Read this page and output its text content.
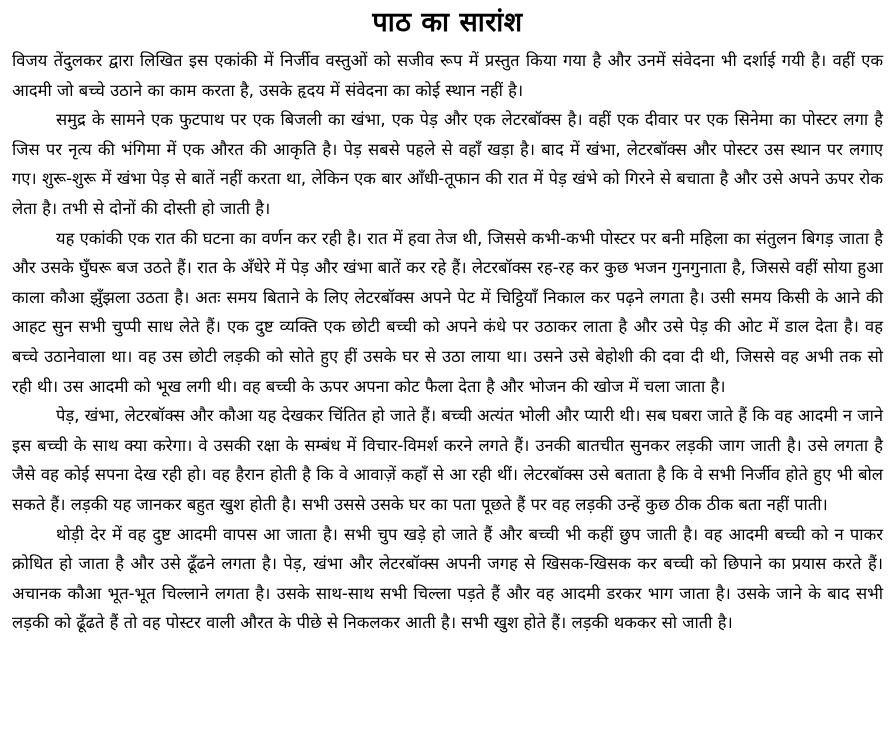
पाठ का सारांश

विजय तेंदुलकर द्वारा लिखित इस एकांकी में निर्जीव वस्तुओं को सजीव रूप में प्रस्तुत किया गया है और उनमें संवेदना भी दर्शाई गयी है। वहीं एक आदमी जो बच्चे उठाने का काम करता है, उसके हृदय में संवेदना का कोई स्थान नहीं है।

समुद्र के सामने एक फुटपाथ पर एक बिजली का खंभा, एक पेड़ और एक लेटरबॉक्स है। वहीं एक दीवार पर एक सिनेमा का पोस्टर लगा है जिस पर नृत्य की भंगिमा में एक औरत की आकृति है। पेड़ सबसे पहले से वहाँ खड़ा है। बाद में खंभा, लेटरबॉक्स और पोस्टर उस स्थान पर लगाए गए। शुरू-शुरू में खंभा पेड़ से बातें नहीं करता था, लेकिन एक बार आँधी-तूफान की रात में पेड़ खंभे को गिरने से बचाता है और उसे अपने ऊपर रोक लेता है। तभी से दोनों की दोस्ती हो जाती है।

यह एकांकी एक रात की घटना का वर्णन कर रही है। रात में हवा तेज थी, जिससे कभी-कभी पोस्टर पर बनी महिला का संतुलन बिगड़ जाता है और उसके घुँघरू बज उठते हैं। रात के अँधेरे में पेड़ और खंभा बातें कर रहे हैं। लेटरबॉक्स रह-रह कर कुछ भजन गुनगुनाता है, जिससे वहीं सोया हुआ काला कौआ झुँझला उठता है। अतः समय बिताने के लिए लेटरबॉक्स अपने पेट में चिट्ठियाँ निकाल कर पढ़ने लगता है। उसी समय किसी के आने की आहट सुन सभी चुप्पी साध लेते हैं। एक दुष्ट व्यक्ति एक छोटी बच्ची को अपने कंधे पर उठाकर लाता है और उसे पेड़ की ओट में डाल देता है। वह बच्चे उठानेवाला था। वह उस छोटी लड़की को सोते हुए हीं उसके घर से उठा लाया था। उसने उसे बेहोशी की दवा दी थी, जिससे वह अभी तक सो रही थी। उस आदमी को भूख लगी थी। वह बच्ची के ऊपर अपना कोट फैला देता है और भोजन की खोज में चला जाता है।

पेड़, खंभा, लेटरबॉक्स और कौआ यह देखकर चिंतित हो जाते हैं। बच्ची अत्यंत भोली और प्यारी थी। सब घबरा जाते हैं कि वह आदमी न जाने इस बच्ची के साथ क्या करेगा। वे उसकी रक्षा के सम्बंध में विचार-विमर्श करने लगते हैं। उनकी बातचीत सुनकर लड़की जाग जाती है। उसे लगता है जैसे वह कोई सपना देख रही हो। वह हैरान होती है कि वे आवाज़ें कहाँ से आ रही थीं। लेटरबॉक्स उसे बताता है कि वे सभी निर्जीव होते हुए भी बोल सकते हैं। लड़की यह जानकर बहुत खुश होती है। सभी उससे उसके घर का पता पूछते हैं पर वह लड़की उन्हें कुछ ठीक ठीक बता नहीं पाती।

थोड़ी देर में वह दुष्ट आदमी वापस आ जाता है। सभी चुप खड़े हो जाते हैं और बच्ची भी कहीं छुप जाती है। वह आदमी बच्ची को न पाकर क्रोधित हो जाता है और उसे ढूँढने लगता है। पेड़, खंभा और लेटरबॉक्स अपनी जगह से खिसक-खिसक कर बच्ची को छिपाने का प्रयास करते हैं। अचानक कौआ भूत-भूत चिल्लाने लगता है। उसके साथ-साथ सभी चिल्ला पड़ते हैं और वह आदमी डरकर भाग जाता है। उसके जाने के बाद सभी लड़की को ढूँढते हैं तो वह पोस्टर वाली औरत के पीछे से निकलकर आती है। सभी खुश होते हैं। लड़की थककर सो जाती है।
